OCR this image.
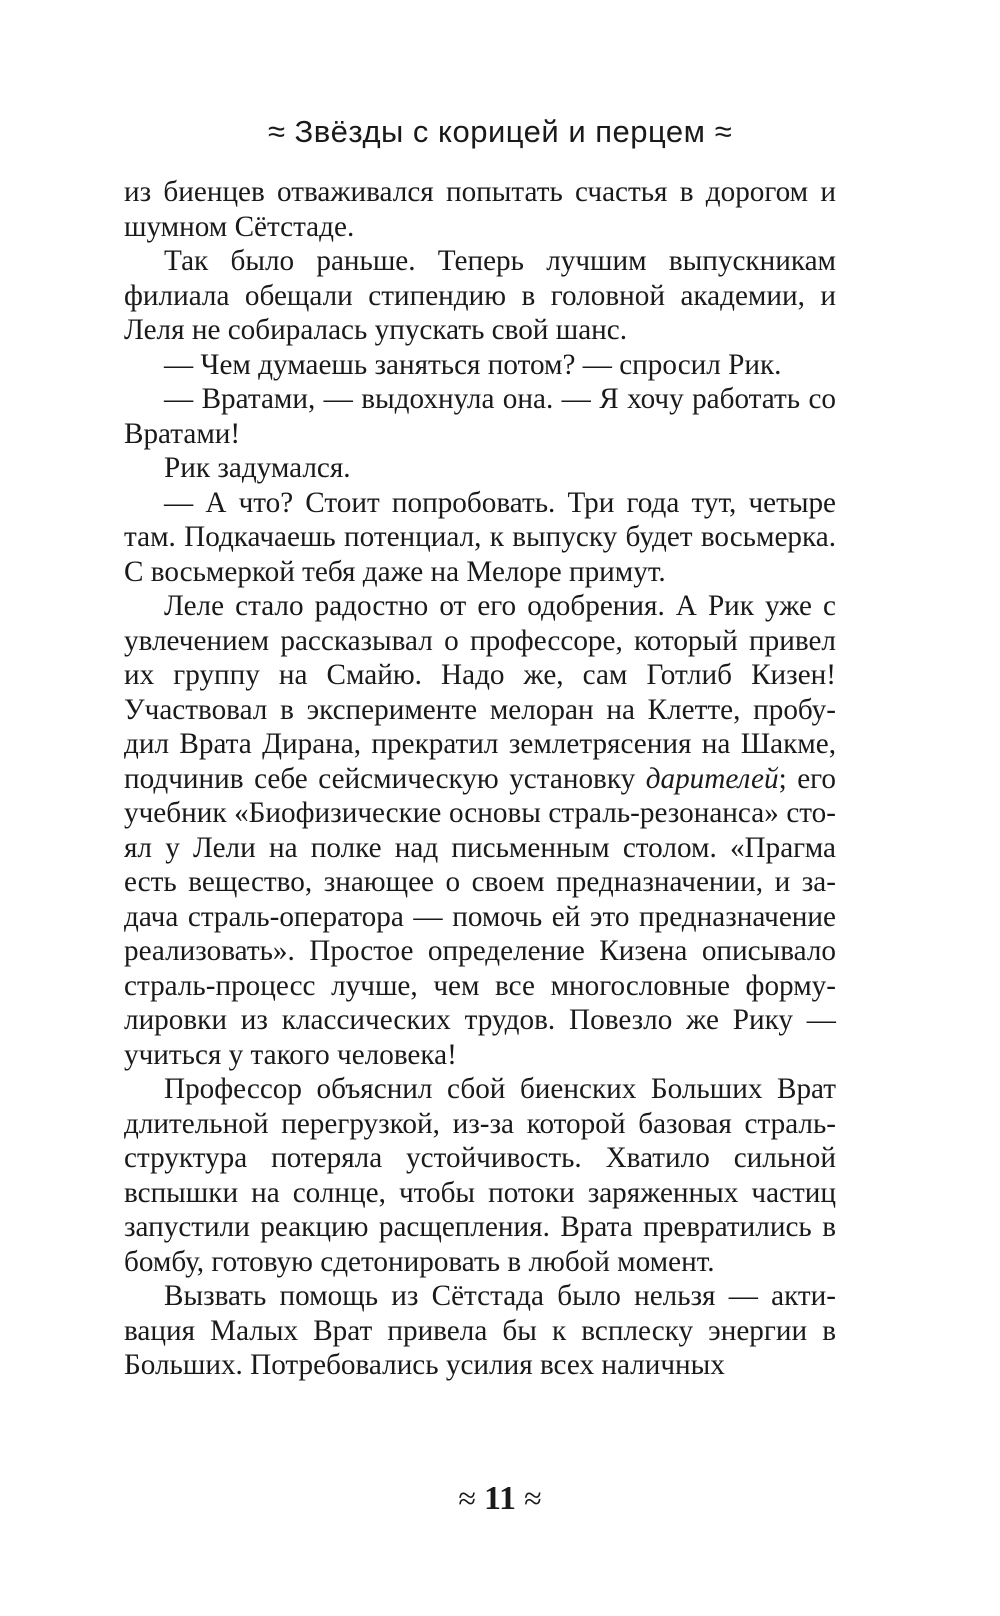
≈ Звёзды с корицей и перцем ≈

из биенцев отваживался попытать счастья в дорогом и шумном Сётстаде.

Так было раньше. Теперь лучшим выпускникам филиала обещали стипендию в головной академии, и Леля не собиралась упускать свой шанс.

— Чем думаешь заняться потом? — спросил Рик.

— Вратами, — выдохнула она. — Я хочу работать со Вратами!

Рик задумался.

— А что? Стоит попробовать. Три года тут, четыре там. Подкачаешь потенциал, к выпуску будет восьмерка. С восьмеркой тебя даже на Мелоре примут.

Леле стало радостно от его одобрения. А Рик уже с увлечением рассказывал о профессоре, который привел их группу на Смайю. Надо же, сам Готлиб Кизен! Участвовал в эксперименте мелоран на Клетте, пробудил Врата Дирана, прекратил землетрясения на Шакме, подчинив себе сейсмическую установку дарителей; его учебник «Биофизические основы страль-резонанса» стоял у Лели на полке над письменным столом. «Прагма есть вещество, знающее о своем предназначении, и задача страль-оператора — помочь ей это предназначение реализовать». Простое определение Кизена описывало страль-процесс лучше, чем все многословные формулировки из классических трудов. Повезло же Рику — учиться у такого человека!

Профессор объяснил сбой биенских Больших Врат длительной перегрузкой, из-за которой базовая страль-структура потеряла устойчивость. Хватило сильной вспышки на солнце, чтобы потоки заряженных частиц запустили реакцию расщепления. Врата превратились в бомбу, готовую сдетонировать в любой момент.

Вызвать помощь из Сётстада было нельзя — активация Малых Врат привела бы к всплеску энергии в Больших. Потребовались усилия всех наличных

≈ 11 ≈
